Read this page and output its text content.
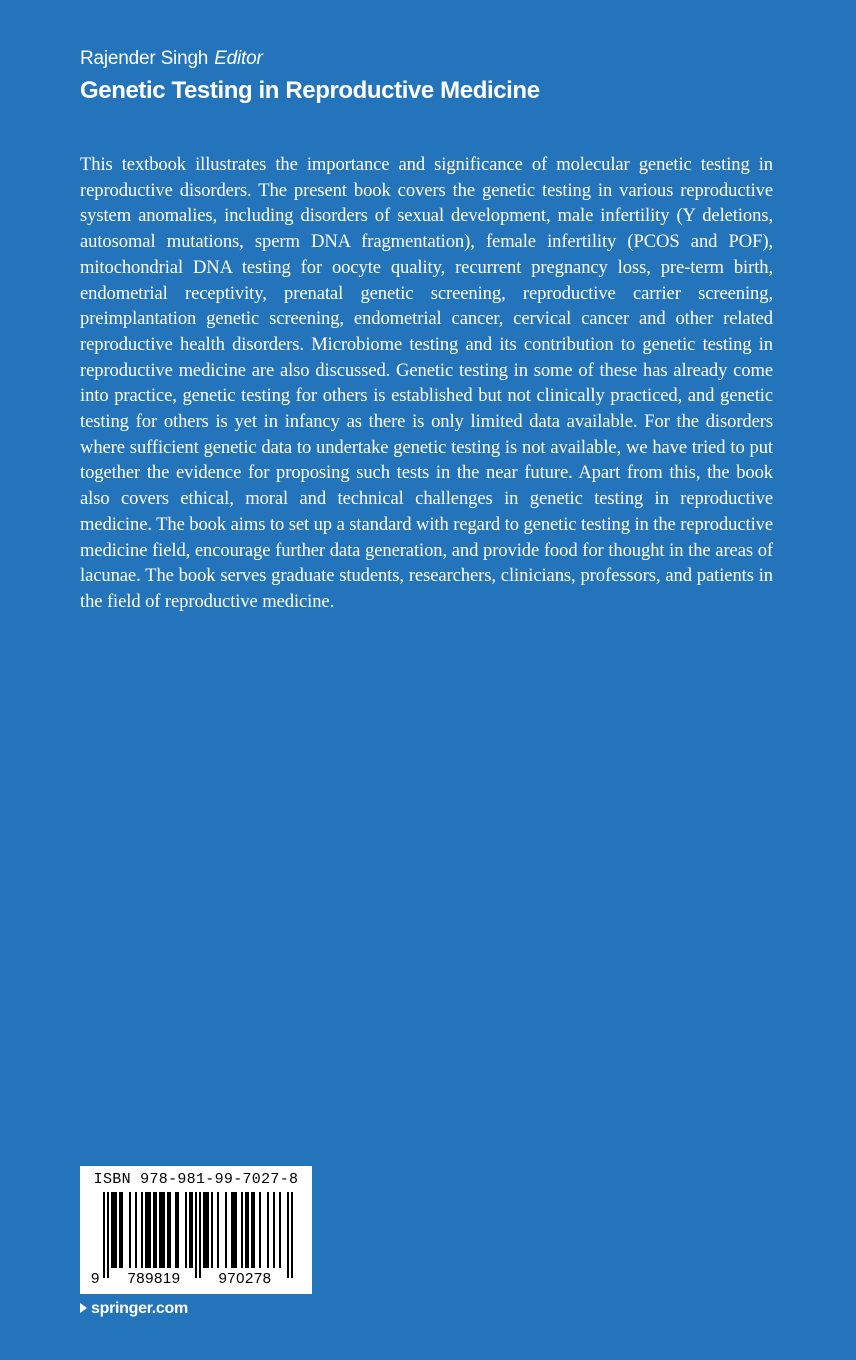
Rajender Singh Editor
Genetic Testing in Reproductive Medicine

This textbook illustrates the importance and significance of molecular genetic testing in reproductive disorders. The present book covers the genetic testing in various reproductive system anomalies, including disorders of sexual development, male infertility (Y deletions, autosomal mutations, sperm DNA fragmentation), female infertility (PCOS and POF), mitochondrial DNA testing for oocyte quality, recurrent pregnancy loss, pre-term birth, endometrial receptivity, prenatal genetic screening, reproductive carrier screening, preimplantation genetic screening, endometrial cancer, cervical cancer and other related reproductive health disorders. Microbiome testing and its contribution to genetic testing in reproductive medicine are also discussed. Genetic testing in some of these has already come into practice, genetic testing for others is established but not clinically practiced, and genetic testing for others is yet in infancy as there is only limited data available. For the disorders where sufficient genetic data to undertake genetic testing is not available, we have tried to put together the evidence for proposing such tests in the near future. Apart from this, the book also covers ethical, moral and technical challenges in genetic testing in reproductive medicine. The book aims to set up a standard with regard to genetic testing in the reproductive medicine field, encourage further data generation, and provide food for thought in the areas of lacunae. The book serves graduate students, researchers, clinicians, professors, and patients in the field of reproductive medicine.

ISBN 978-981-99-7027-8
9	789819	970278
springer.com
